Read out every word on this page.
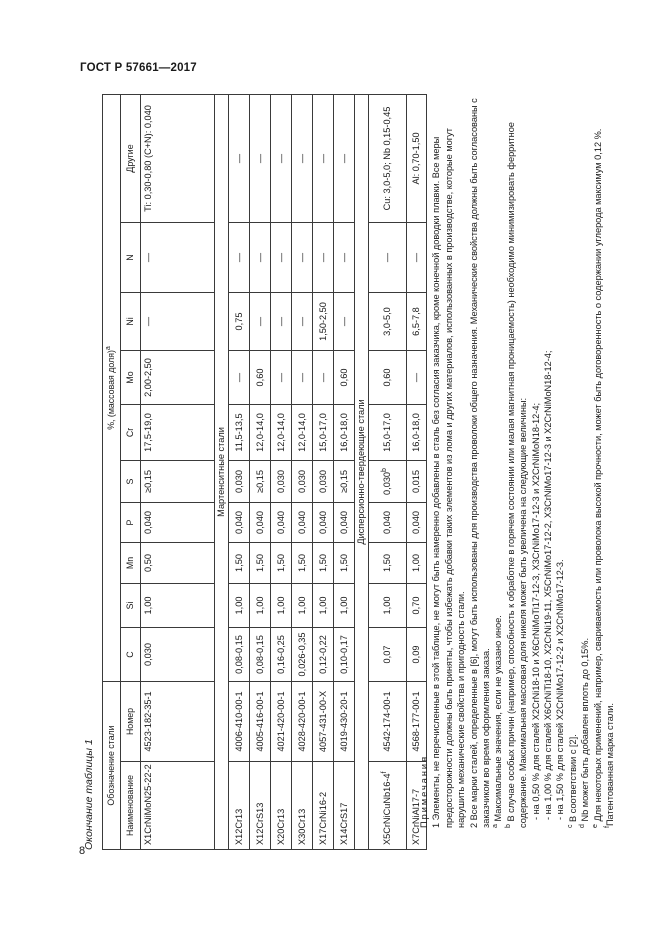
ГОСТ Р 57661—2017
8
Окончание таблицы 1	Обозначение стали		%, (массовая доля)$^а$
Наименование	Номер	C	Si	Mn	P	S	Cr	Mo	Ni	N	Другие
X1CrNiMoN25-22-2	4523-182-35-1	0,030	1,00	0,50	0,040	≥0,15	17,5-19,0	2,00-2,50	—	—	Ti: 0,30-0,80 (C+N): 0,040
Мартенситные стали											
X12Cr13	4006-410-00-1	0,08-0,15	1,00	1,50	0,040	0,030	11,5-13,5	—	0,75	—	—
X12CrS13	4005-416-00-1	0,08-0,15	1,00	1,50	0,040	≥0,15	12,0-14,0	0,60	—	—	—
X20Cr13	4021-420-00-1	0,16-0,25	1,00	1,50	0,040	0,030	12,0-14,0	—	—	—	—
X30Cr13	4028-420-00-1	0,026-0,35	1,00	1,50	0,040	0,030	12,0-14,0	—	—	—	—
X17CrNi16-2	4057-431-00-X	0,12-0,22	1,00	1,50	0,040	0,030	15,0-17,0	—	1,50-2,50	—	—
X14CrS17	4019-430-20-1	0,10-0,17	1,00	1,50	0,040	≥0,15	16,0-18,0	0,60	—	—	—
Дисперсионно-твердеющие стали											
X5CrNiCuNb16-4$^f$	4542-174-00-1	0,07	1,00	1,50	0,040	0,030$^b$	15,0-17,0	0,60	3,0-5,0	—	Cu: 3,0-5,0; Nb 0,15-0,45
X7CrNiAl17-7	4568-177-00-1	0,09	0,70	1,00	0,040	0,015	16,0-18,0	—	6,5-7,8	—	Al: 0,70-1,50

Примечания 1 Элементы, не перечисленные в этой таблице, не могут быть намеренно добавлены в сталь без согласия заказчика, кроме конечной доводки плавки. Все меры предосторожности должны быть приняты, чтобы избежать добавки таких элементов из лома и других материалов, использованных в производстве, которые могут нарушить механические свойства и пригодность стали. 2 Все марки сталей, определенные в [6], могут быть использованы для производства проволоки общего назначения. Механические свойства должны быть согласованы с заказчиком во время оформления заказа. $^а$ Максимальные значения, если не указано иное.

$^b$ В случае особых причин (например, способность к обработке в горячем состоянии или малая магнитная проницаемость) необходимо минимизировать ферритное содержание. Максимальная массовая доля никеля может быть увеличена на следующие величины: - на 0,50 % для сталей X2CrNi18-10 и X6CrNiMoTi17-12-3, X3CrNiMo17-12-3 и X2CrNiMoN18-12-4; - на 1,00 % для сталей X6CrNiTi18-10, X2CrNi19-11, X5CrNiMo17-12-2, X3CrNiMo17-12-3 и X2CrNiMoN18-12-4; - на 1,50 % для сталей X2CrNiMo17-12-2 и X2CrNiMo17-12-3.

$^с$ В соответствии с [2].

$^d$ Nb может быть добавлен вплоть до 0,15%.

$^е$ Для некоторых применений, например, свариваемость или проволока высокой прочности, может быть договоренность о содержании углерода максимум 0,12 %.

$^f$Патентованная марка стали.
